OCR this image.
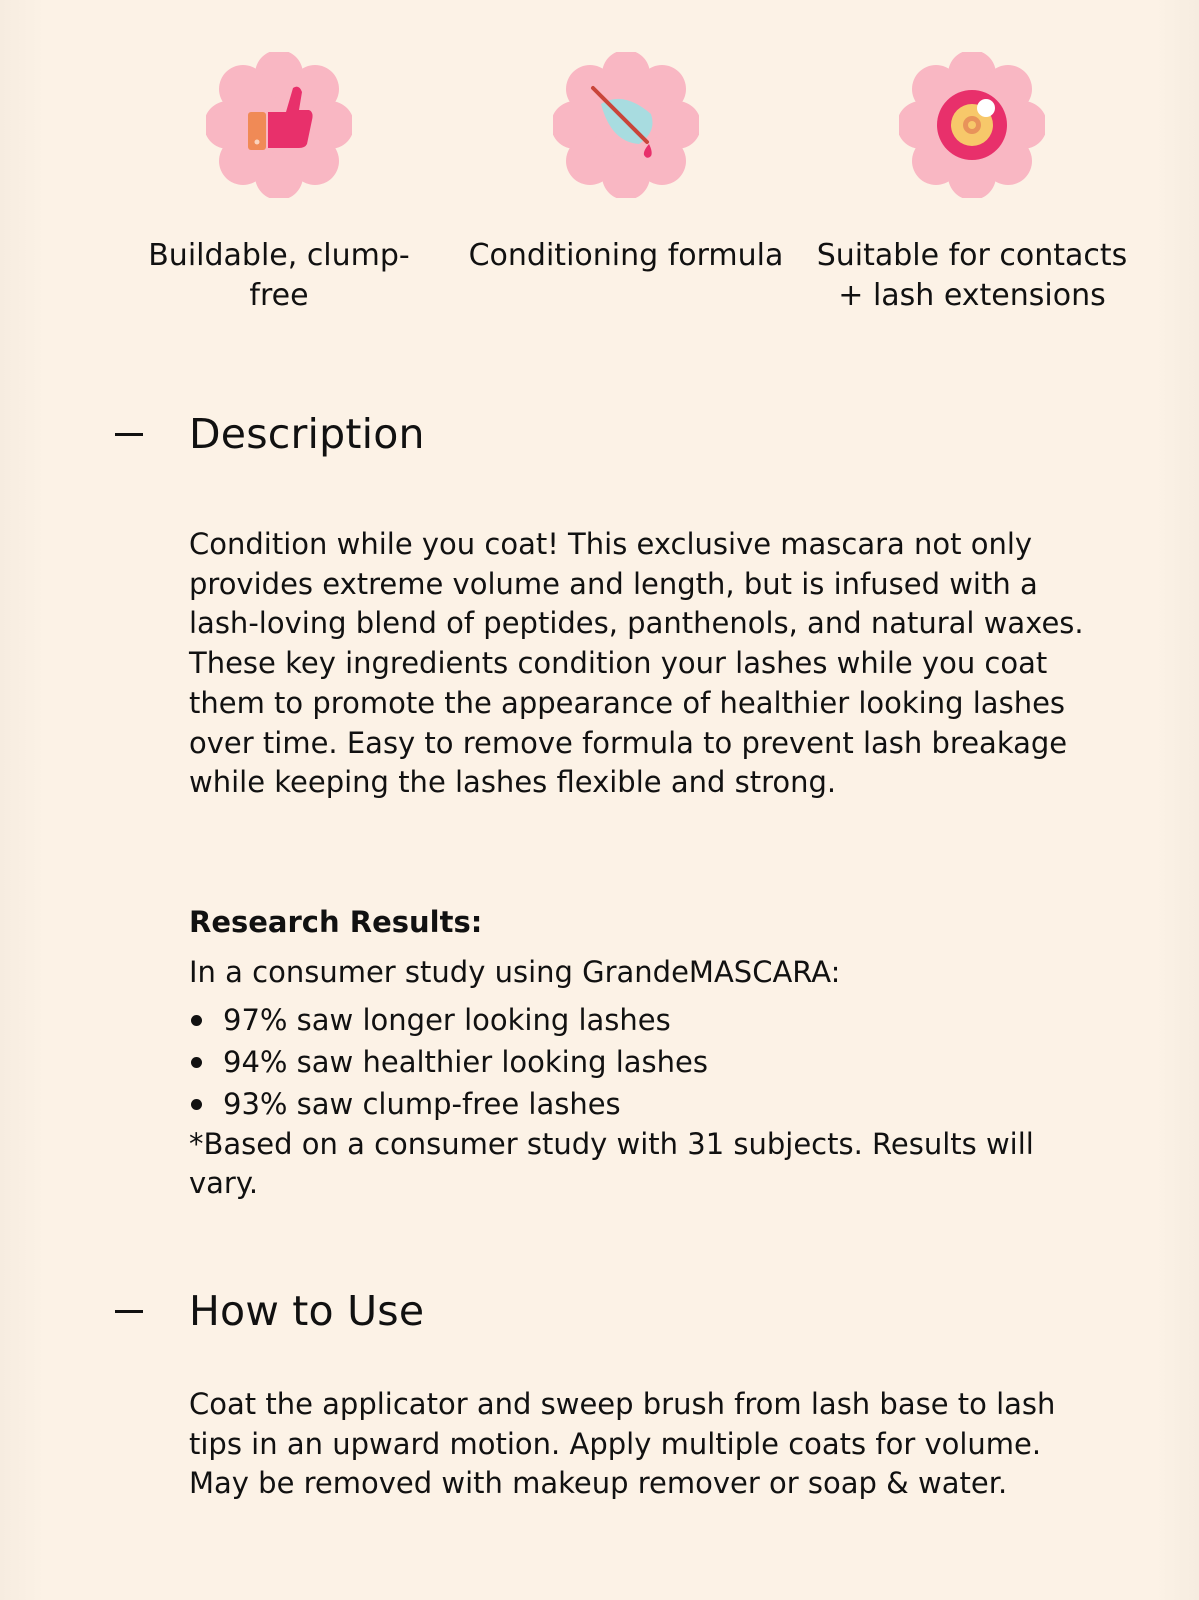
Buildable, clump-free
Conditioning formula	Suitable for contacts + lash extensions
Description
Condition while you coat! This exclusive mascara not only provides extreme volume and length, but is infused with a lash-loving blend of peptides, panthenols, and natural waxes. These key ingredients condition your lashes while you coat them to promote the appearance of healthier looking lashes over time. Easy to remove formula to prevent lash breakage while keeping the lashes flexible and strong.
Research Results:
In a consumer study using GrandeMASCARA:
97% saw longer looking lashes
94% saw healthier looking lashes
93% saw clump-free lashes
*Based on a consumer study with 31 subjects. Results will vary.
How to Use
Coat the applicator and sweep brush from lash base to lash tips in an upward motion. Apply multiple coats for volume. May be removed with makeup remover or soap & water.
